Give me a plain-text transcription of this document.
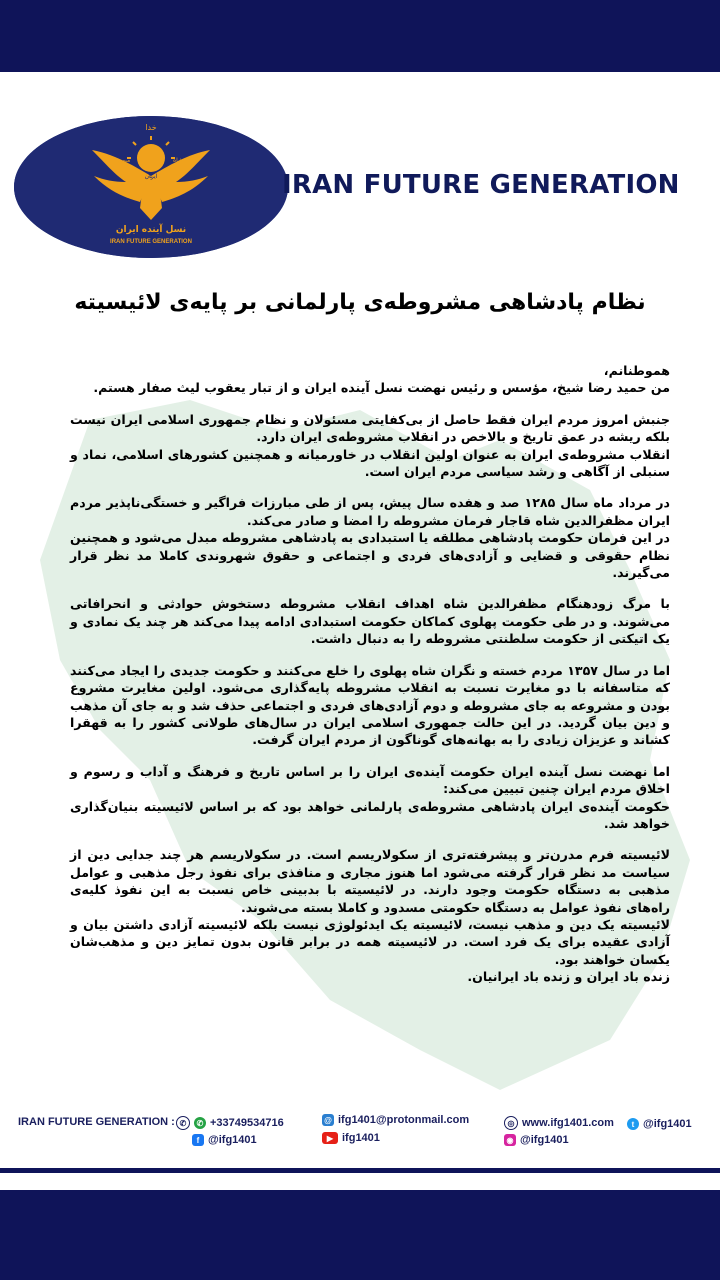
خدا
میهن	شاه
ایران
نسل آینده ایران
IRAN FUTURE GENERATION
IRAN FUTURE GENERATION
نظام پادشاهی مشروطه‌ی پارلمانی بر پایه‌ی لائیسیته

هموطنانم،
من حمید رضا شیخ، مؤسس و رئیس نهضت نسل آینده ایران و از تبار یعقوب لیث صفار هستم.

جنبش امروز مردم ایران فقط حاصل از بی‌کفایتی مسئولان و نظام جمهوری اسلامی ایران نیست بلکه ریشه در عمق تاریخ و بالاخص در انقلاب مشروطه‌ی ایران دارد.
انقلاب مشروطه‌ی ایران به عنوان اولین انقلاب در خاورمیانه و همچنین کشورهای اسلامی، نماد و سنبلی از آگاهی و رشد سیاسی مردم ایران است.

در مرداد ماه سال ۱۲۸۵ صد و هفده سال پیش، پس از طی مبارزات فراگیر و خستگی‌ناپذیر مردم ایران مظفرالدین شاه قاجار فرمان مشروطه را امضا و صادر می‌کند.
در این فرمان حکومت پادشاهی مطلقه یا استبدادی به پادشاهی مشروطه مبدل می‌شود و همچنین نظام حقوقی و قضایی و آزادی‌های فردی و اجتماعی و حقوق شهروندی کاملا مد نظر قرار می‌گیرند.

با مرگ زودهنگام مظفرالدین شاه اهداف انقلاب مشروطه دستخوش حوادثی و انحرافاتی می‌شوند. و در طی حکومت پهلوی کماکان حکومت استبدادی ادامه پیدا می‌کند هر چند یک نمادی و یک اتیکتی از حکومت سلطنتی مشروطه را به دنبال داشت.

اما در سال ۱۳۵۷ مردم خسته و نگران شاه پهلوی را خلع می‌کنند و حکومت جدیدی را ایجاد می‌کنند که متاسفانه با دو مغایرت نسبت به انقلاب مشروطه پایه‌گذاری می‌شود. اولین مغایرت مشروع بودن و مشروعه به جای مشروطه و دوم آزادی‌های فردی و اجتماعی حذف شد و به جای آن مذهب و دین بیان گردید. در این حالت جمهوری اسلامی ایران در سال‌های طولانی کشور را به قهقرا کشاند و عزیزان زیادی را به بهانه‌های گوناگون از مردم ایران گرفت.

اما نهضت نسل آینده ایران حکومت آینده‌ی ایران را بر اساس تاریخ و فرهنگ و آداب و رسوم و اخلاق مردم ایران چنین تبیین می‌کند:
حکومت آینده‌ی ایران پادشاهی مشروطه‌ی پارلمانی خواهد بود که بر اساس لائیسیته بنیان‌گذاری خواهد شد.

لائیسیته فرم مدرن‌تر و پیشرفته‌تری از سکولاریسم است. در سکولاریسم هر چند جدایی دین از سیاست مد نظر قرار گرفته می‌شود اما هنوز مجاری و منافذی برای نفوذ رجل مذهبی و عوامل مذهبی به دستگاه حکومت وجود دارند. در لائیسیته با بدبینی خاص نسبت به این نفوذ کلیه‌ی راه‌های نفوذ عوامل به دستگاه حکومتی مسدود و کاملا بسته می‌شوند.
لائیسیته یک دین و مذهب نیست، لائیسیته یک ایدئولوژی نیست بلکه لائیسیته آزادی داشتن بیان و آزادی عقیده برای یک فرد است. در لائیسیته همه در برابر قانون بدون تمایز دین و مذهب‌شان یکسان خواهند بود.
زنده باد ایران و زنده باد ایرانیان.

IRAN FUTURE GENERATION : ✆	✆ +33749534716	@ ifg1401@protonmail.com	◎ www.ifg1401.com	t @ifg1401
f @ifg1401	▶ ifg1401	◉ @ifg1401
